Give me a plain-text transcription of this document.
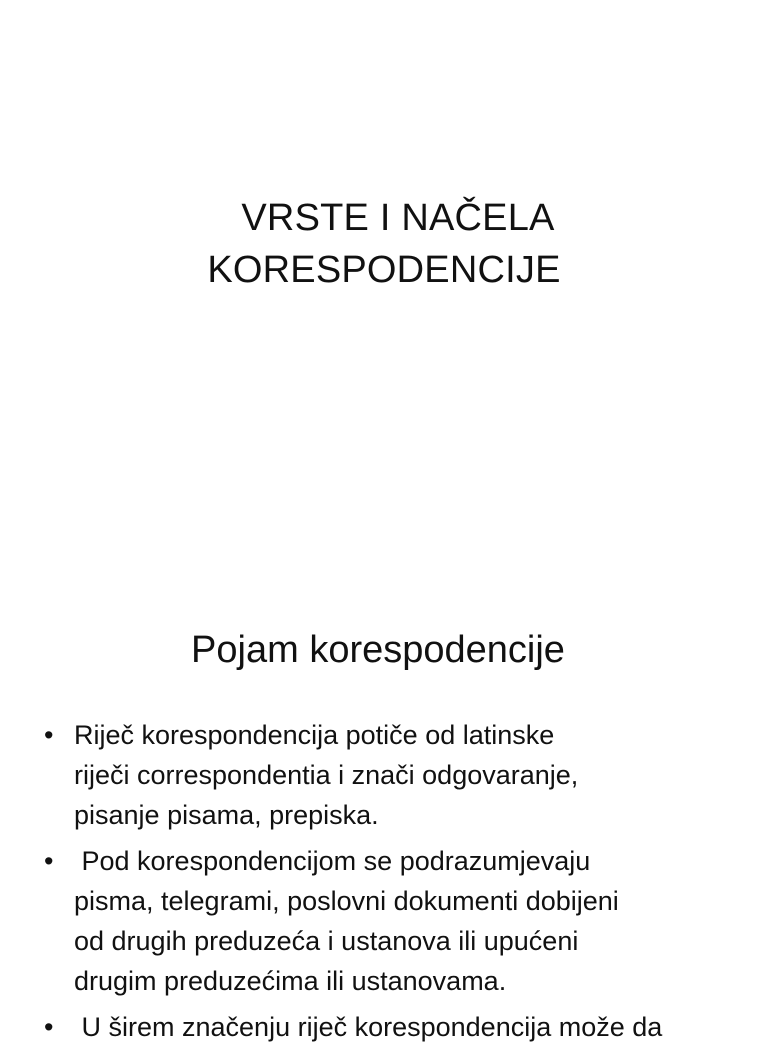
VRSTE I NAČELA
KORESPODENCIJE
Pojam korespodencije
• Riječ korespondencija potiče od latinske
riječi correspondentia i znači odgovaranje,
pisanje pisama, prepiska.
• Pod korespondencijom se podrazumjevaju
pisma, telegrami, poslovni dokumenti dobijeni
od drugih preduzeća i ustanova ili upućeni
drugim preduzećima ili ustanovama.
• U širem značenju riječ korespondencija može da
